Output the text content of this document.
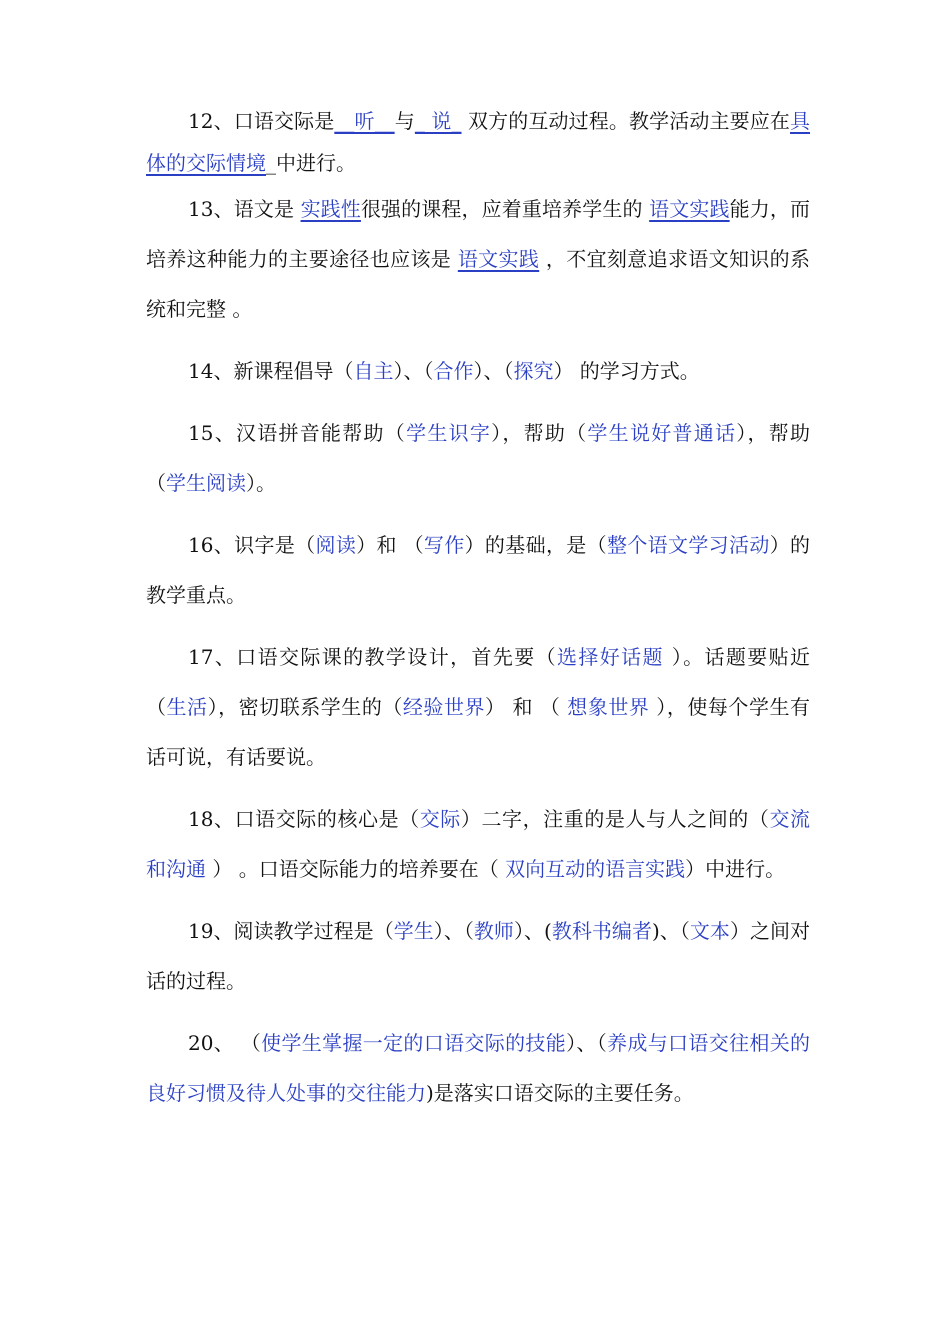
12、口语交际是__听__与_ 说_ 双方的互动过程。教学活动主要应在具体的交际情境_中进行。

13、语文是 实践性很强的课程，应着重培养学生的 语文实践能力，而培养这种能力的主要途径也应该是 语文实践 ，不宜刻意追求语文知识的系统和完整 。

14、新课程倡导（自主）、（合作）、（探究） 的学习方式。

15、汉语拼音能帮助（学生识字），帮助（学生说好普通话），帮助（学生阅读）。

16、识字是（阅读）和 （写作）的基础，是（整个语文学习活动）的教学重点。

17、口语交际课的教学设计，首先要（选择好话题 ）。话题要贴近 （生活），密切联系学生的（经验世界） 和 （ 想象世界 ），使每个学生有话可说，有话要说。

18、口语交际的核心是（交际）二字，注重的是人与人之间的（交流和沟通 ） 。口语交际能力的培养要在（ 双向互动的语言实践）中进行。

19、阅读教学过程是（学生）、（教师）、(教科书编者)、（文本）之间对话的过程。

20、 （使学生掌握一定的口语交际的技能）、（养成与口语交往相关的良好习惯及待人处事的交往能力)是落实口语交际的主要任务。
